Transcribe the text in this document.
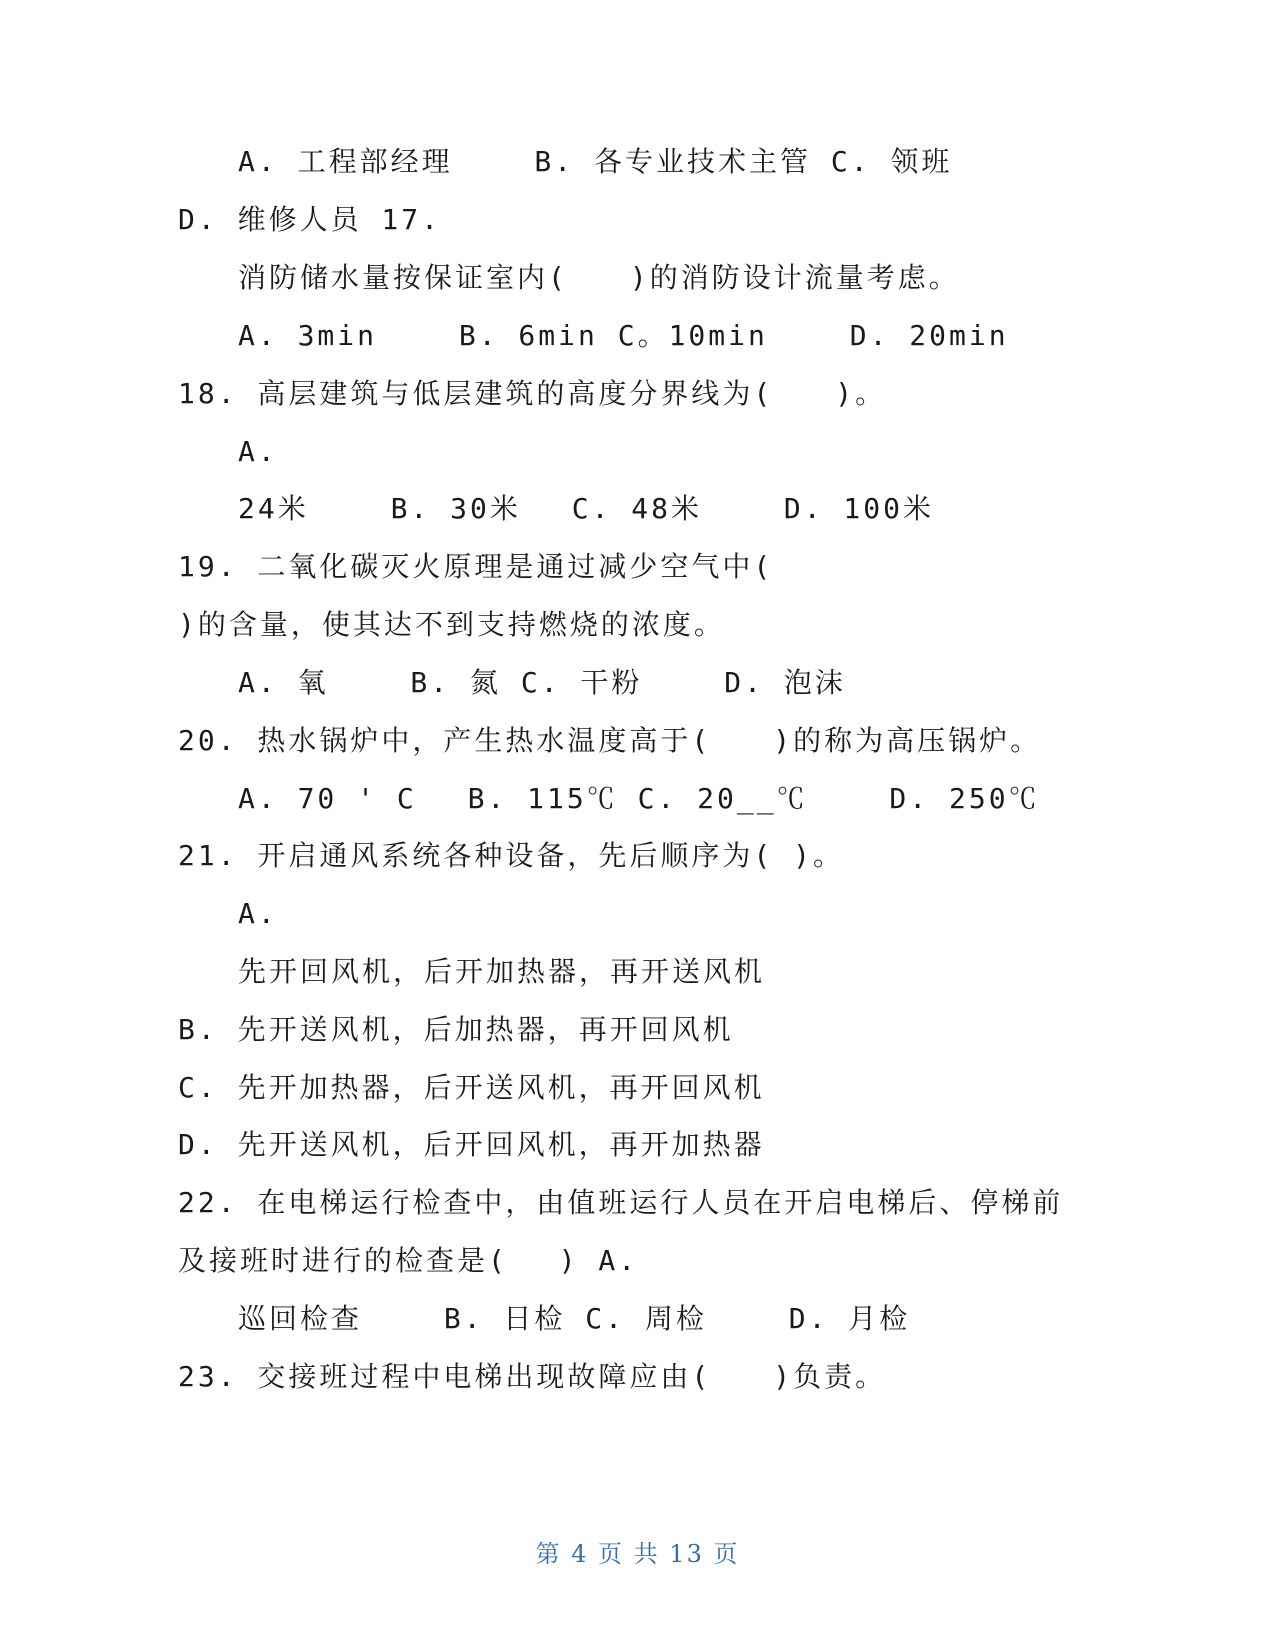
A. 工程部经理　　 B. 各专业技术主管 C. 领班

D. 维修人员 17.

消防储水量按保证室内(　　)的消防设计流量考虑。

A. 3min　　 B. 6min C。10min　　 D. 20min

18. 高层建筑与低层建筑的高度分界线为(　　)。

A.

24米　　 B. 30米　 C. 48米　　 D. 100米

19. 二氧化碳灭火原理是通过减少空气中(

)的含量，使其达不到支持燃烧的浓度。

A. 氧　　 B. 氮 C. 干粉　　 D. 泡沫

20. 热水锅炉中，产生热水温度高于(　　)的称为高压锅炉。

A. 70 ' C　 B. 115℃ C. 20__℃　　 D. 250℃

21. 开启通风系统各种设备，先后顺序为( )。

A.

先开回风机，后开加热器，再开送风机

B. 先开送风机，后加热器，再开回风机

C. 先开加热器，后开送风机，再开回风机

D. 先开送风机，后开回风机，再开加热器

22. 在电梯运行检查中，由值班运行人员在开启电梯后、停梯前

及接班时进行的检查是(　 ) A.

巡回检查　　 B. 日检 C. 周检　　 D. 月检

23. 交接班过程中电梯出现故障应由(　　)负责。

第 4 页 共 13 页
